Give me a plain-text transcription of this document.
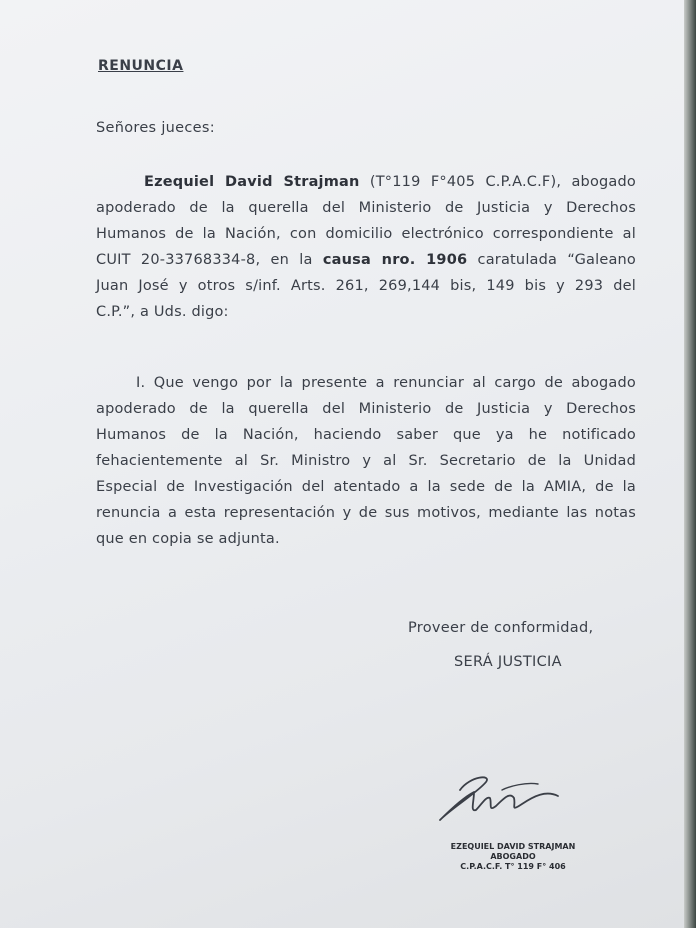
RENUNCIA
Señores jueces:
Ezequiel David Strajman (T°119 F°405 C.P.A.C.F), abogado
apoderado de la querella del Ministerio de Justicia y Derechos
Humanos de la Nación, con domicilio electrónico correspondiente al
CUIT 20-33768334-8, en la causa nro. 1906 caratulada “Galeano
Juan José y otros s/inf. Arts. 261, 269,144 bis, 149 bis y 293 del
C.P.”, a Uds. digo:
I. Que vengo por la presente a renunciar al cargo de abogado
apoderado de la querella del Ministerio de Justicia y Derechos
Humanos de la Nación, haciendo saber que ya he notificado
fehacientemente al Sr. Ministro y al Sr. Secretario de la Unidad
Especial de Investigación del atentado a la sede de la AMIA, de la
renuncia a esta representación y de sus motivos, mediante las notas
que en copia se adjunta.
Proveer de conformidad,
SERÁ JUSTICIA
EZEQUIEL DAVID STRAJMAN
ABOGADO
C.P.A.C.F. T° 119 F° 406
